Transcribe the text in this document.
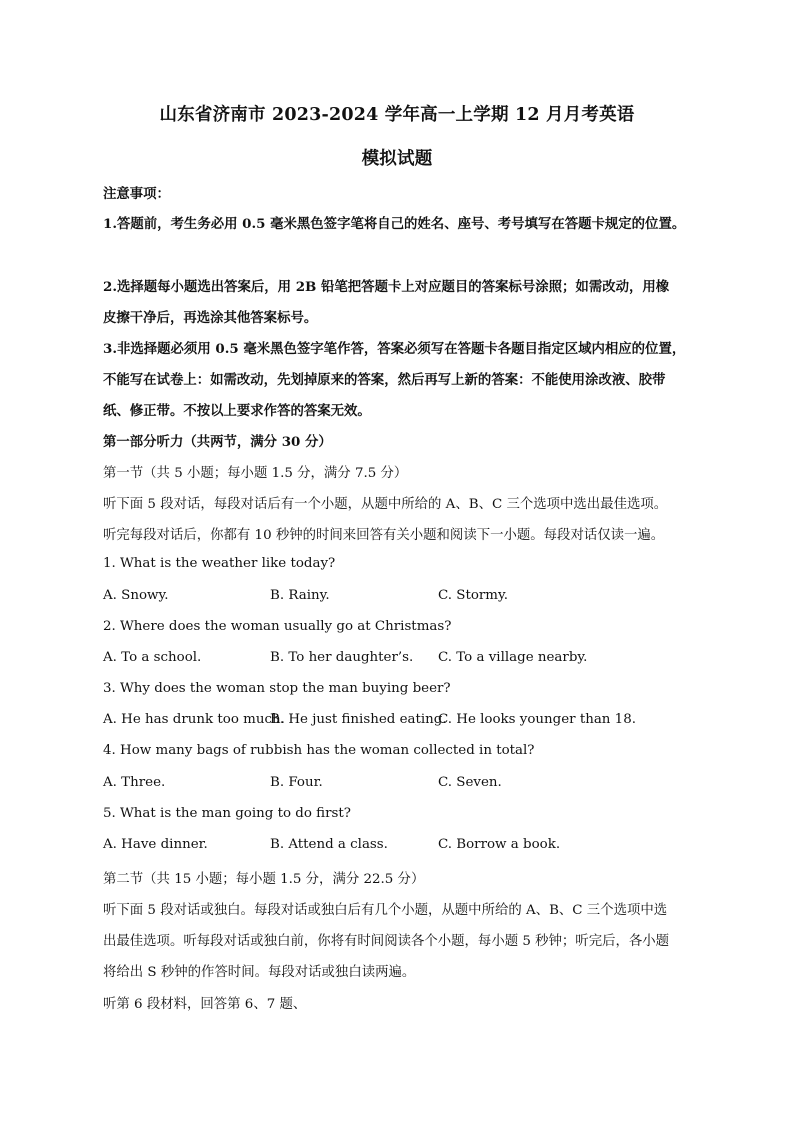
山东省济南市 2023-2024 学年高一上学期 12 月月考英语
模拟试题
注意事项：
1.答题前，考生务必用 0.5 毫米黑色签字笔将自己的姓名、座号、考号填写在答题卡规定的位置。
2.选择题每小题选出答案后，用 2B 铅笔把答题卡上对应题目的答案标号涂照；如需改动，用橡
皮擦干净后，再选涂其他答案标号。
3.非选择题必须用 0.5 毫米黑色签字笔作答，答案必须写在答题卡各题目指定区域内相应的位置，
不能写在试卷上：如需改动，先划掉原来的答案，然后再写上新的答案：不能使用涂改液、胶带
纸、修正带。不按以上要求作答的答案无效。
第一部分听力（共两节，满分 30 分）
第一节（共 5 小题；每小题 1.5 分，满分 7.5 分）
听下面 5 段对话，每段对话后有一个小题，从题中所给的 A、B、C 三个选项中选出最佳选项。
听完每段对话后，你都有 10 秒钟的时间来回答有关小题和阅读下一小题。每段对话仅读一遍。
1. What is the weather like today?
A. Snowy.	B. Rainy.	C. Stormy.
2. Where does the woman usually go at Christmas?
A. To a school.	B. To her daughter’s. C. To a village nearby.
3. Why does the woman stop the man buying beer?
A. He has drunk too much.
B. He just finished eating.
C. He looks younger than 18.
4. How many bags of rubbish has the woman collected in total?
A. Three.	B. Four.	C. Seven.
5. What is the man going to do first?
A. Have dinner.	B. Attend a class.	C. Borrow a book.
第二节（共 15 小题；每小题 1.5 分，满分 22.5 分）
听下面 5 段对话或独白。每段对话或独白后有几个小题，从题中所给的 A、B、C 三个选项中选
出最佳选项。听每段对话或独白前，你将有时间阅读各个小题，每小题 5 秒钟；听完后，各小题
将给出 S 秒钟的作答时间。每段对话或独白读两遍。
听第 6 段材料，回答第 6、7 题、
